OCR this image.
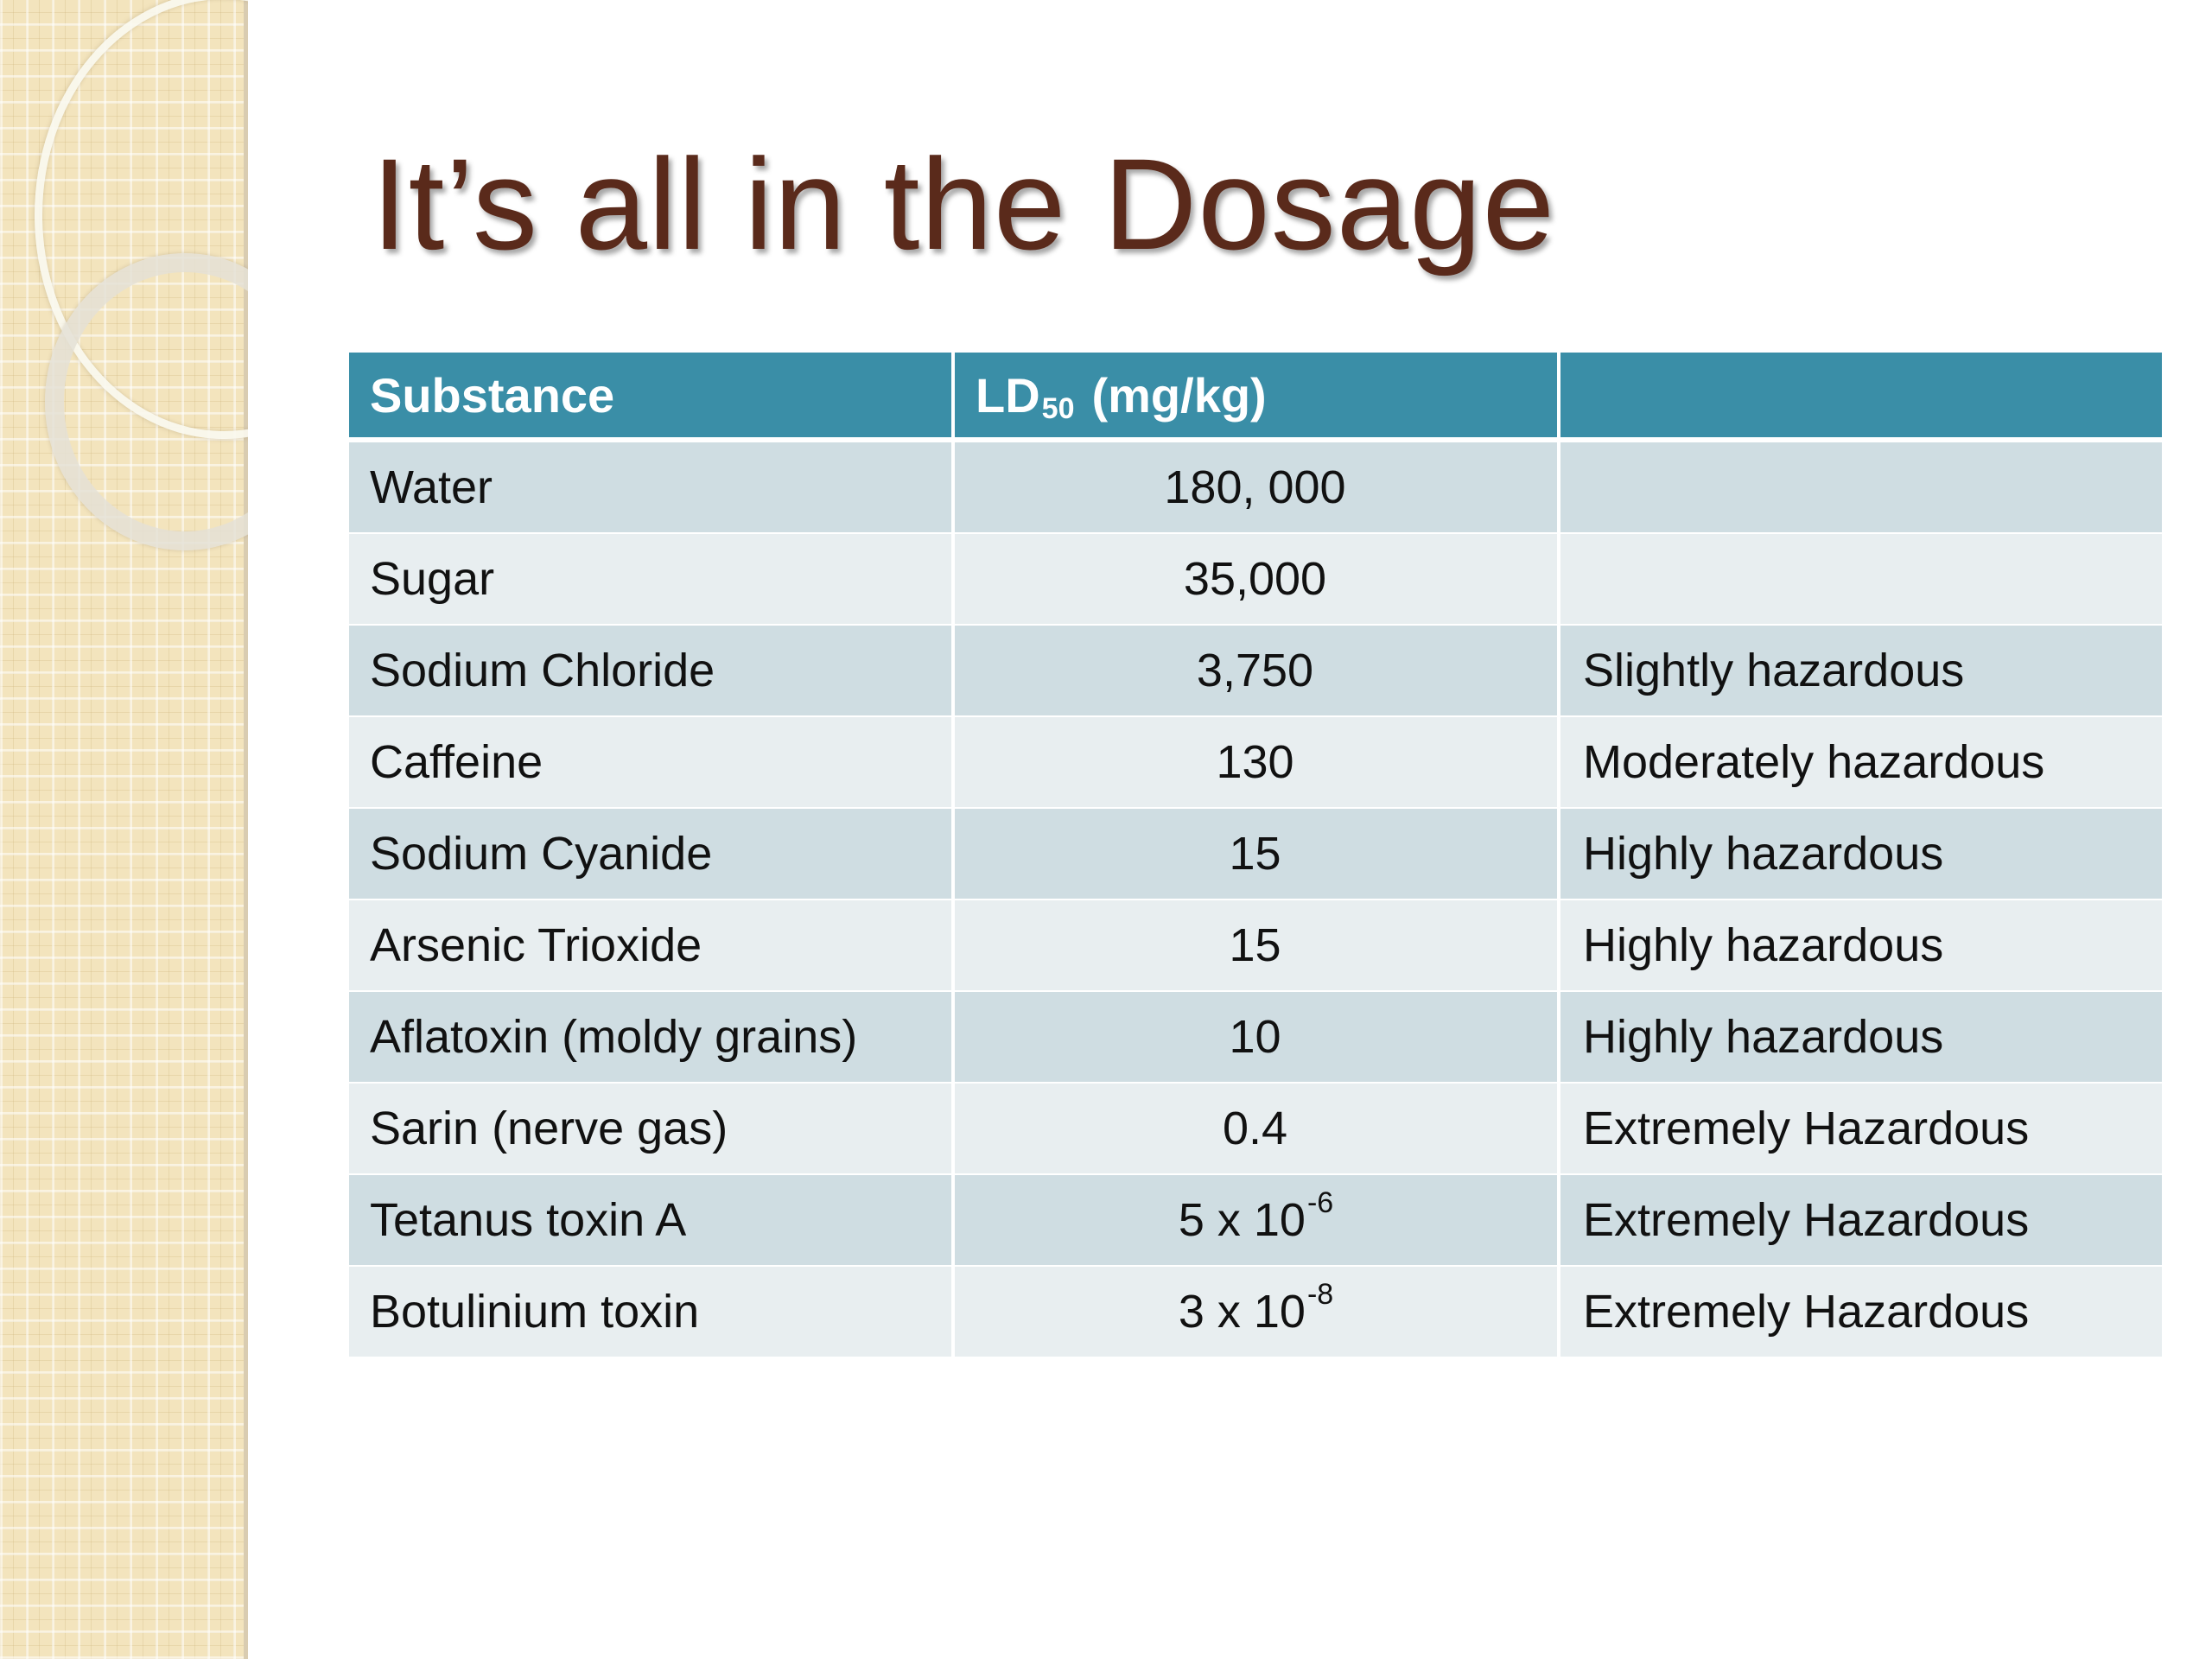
It’s all in the Dosage
Substance	LD 50 (mg/kg)
Water	180, 000
Sugar	35,000
Sodium Chloride	3,750	Slightly hazardous
Caffeine	130	Moderately hazardous
Sodium Cyanide	15	Highly hazardous
Arsenic Trioxide	15	Highly hazardous
Aflatoxin (moldy grains)	10	Highly hazardous
Sarin (nerve gas)	0.4	Extremely Hazardous
Tetanus toxin A	5 x 10 -6	Extremely Hazardous
Botulinium toxin	3 x 10 -8	Extremely Hazardous
